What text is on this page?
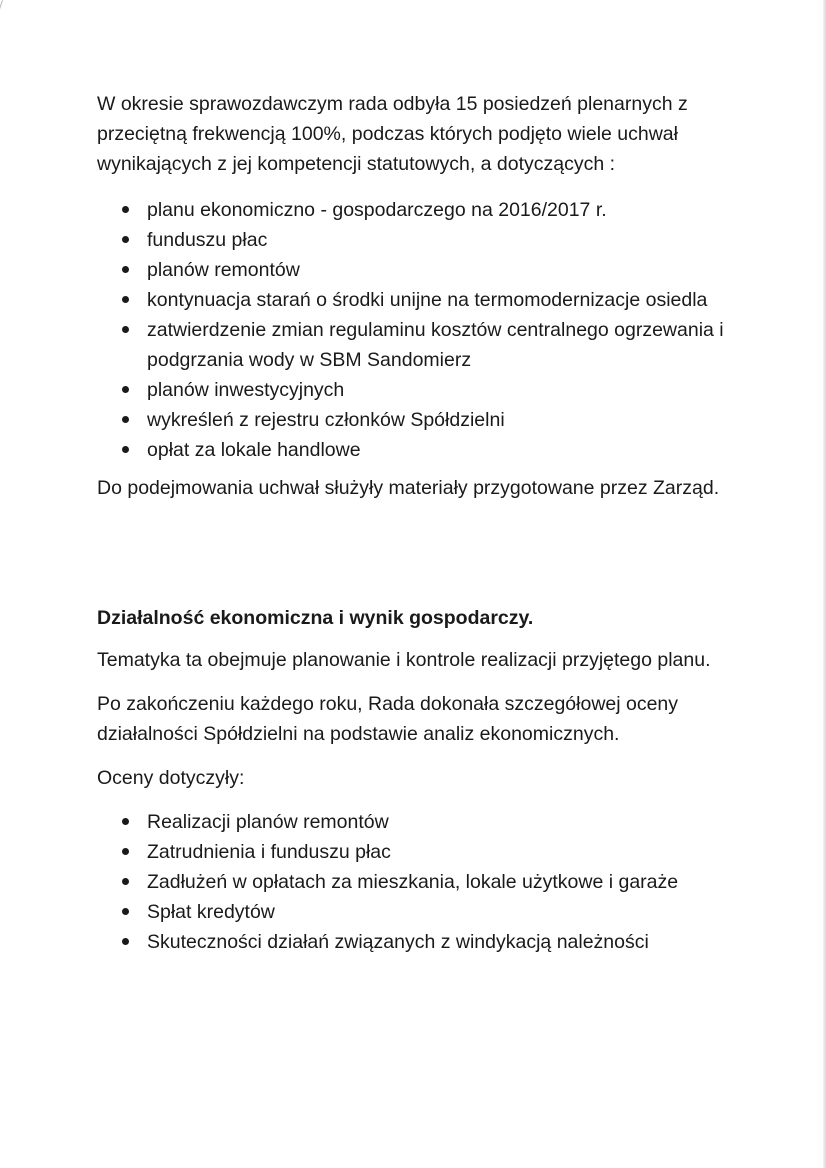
W okresie sprawozdawczym rada odbyła 15 posiedzeń plenarnych z przeciętną frekwencją 100%, podczas których podjęto wiele uchwał wynikających z jej kompetencji statutowych, a dotyczących :

planu ekonomiczno - gospodarczego na 2016/2017 r.
funduszu płac
planów remontów
kontynuacja starań o środki unijne na termomodernizacje osiedla
zatwierdzenie zmian regulaminu kosztów centralnego ogrzewania i podgrzania wody w SBM Sandomierz
planów inwestycyjnych
wykreśleń z rejestru członków Spółdzielni
opłat za lokale handlowe

Do podejmowania uchwał służyły materiały przygotowane przez Zarząd.

Działalność ekonomiczna i wynik gospodarczy.

Tematyka ta obejmuje planowanie i kontrole realizacji przyjętego planu.

Po zakończeniu każdego roku, Rada dokonała szczegółowej oceny działalności Spółdzielni na podstawie analiz ekonomicznych.

Oceny dotyczyły:

Realizacji planów remontów
Zatrudnienia i funduszu płac
Zadłużeń w opłatach za mieszkania, lokale użytkowe i garaże
Spłat kredytów
Skuteczności działań związanych z windykacją należności
